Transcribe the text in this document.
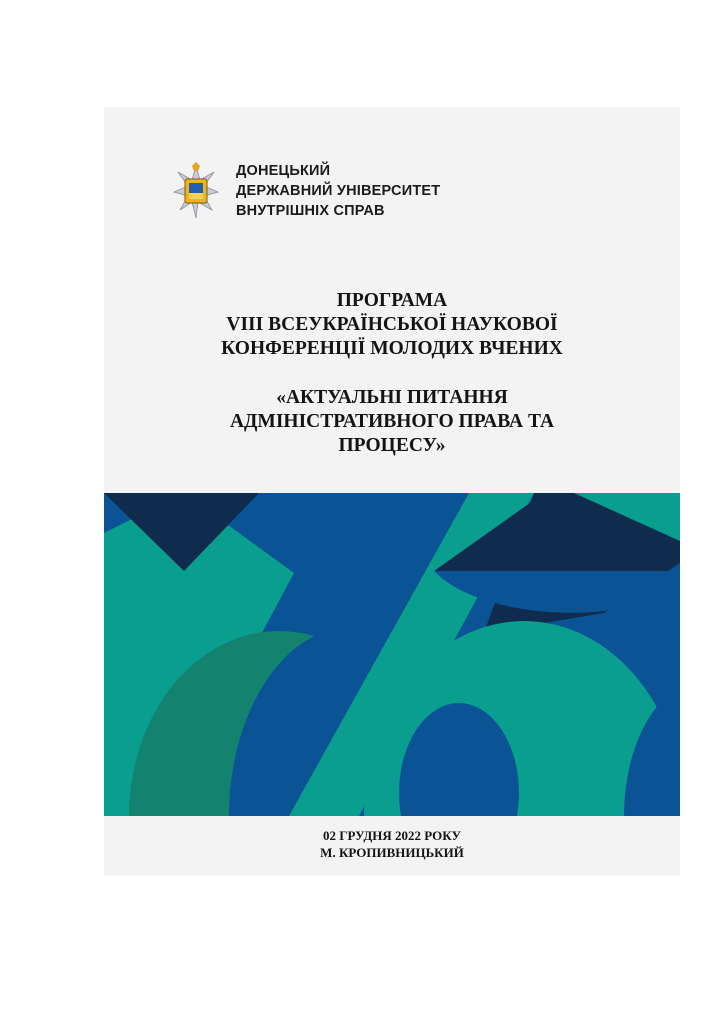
ДОНЕЦЬКИЙ
ДЕРЖАВНИЙ УНІВЕРСИТЕТ
ВНУТРІШНІХ СПРАВ
ПРОГРАМА
VIII ВСЕУКРАЇНСЬКОЇ НАУКОВОЇ
КОНФЕРЕНЦІЇ МОЛОДИХ ВЧЕНИХ
«АКТУАЛЬНІ ПИТАННЯ
АДМІНІСТРАТИВНОГО ПРАВА ТА
ПРОЦЕСУ»
02 ГРУДНЯ 2022 РОКУ
М. КРОПИВНИЦЬКИЙ
